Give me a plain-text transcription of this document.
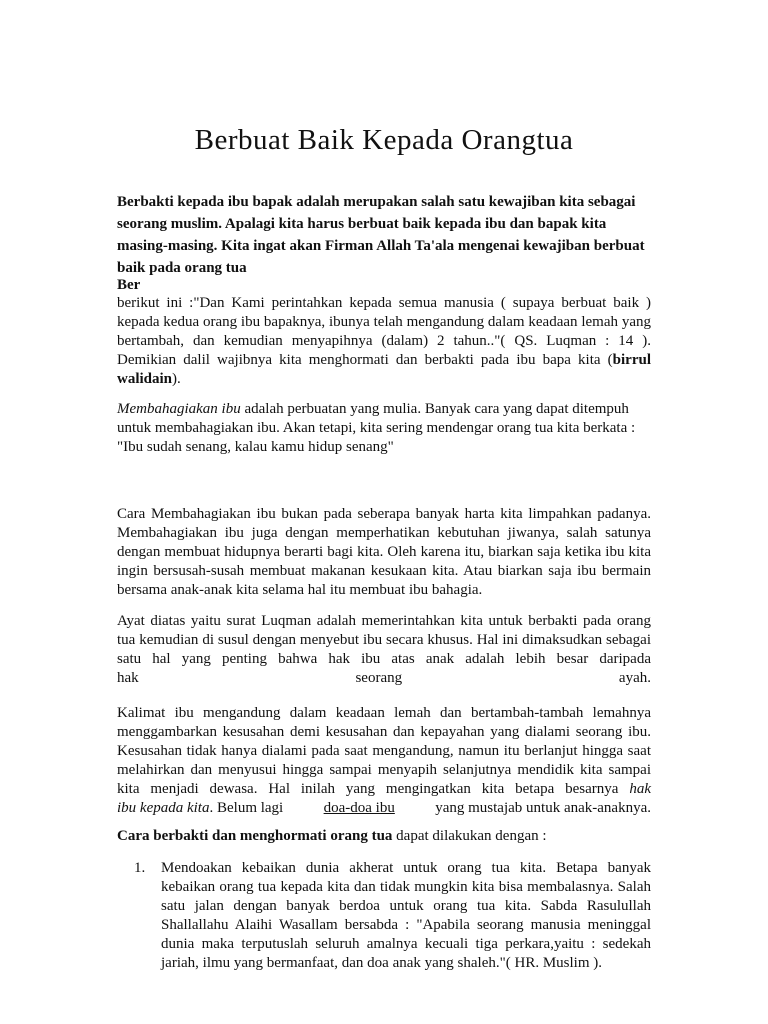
Berbuat Baik Kepada Orangtua

Berbakti kepada ibu bapak adalah merupakan salah satu kewajiban kita sebagai seorang muslim. Apalagi kita harus berbuat baik kepada ibu dan bapak kita masing-masing. Kita ingat akan Firman Allah Ta'ala mengenai kewajiban berbuat baik pada orang tua

Ber

berikut ini :"Dan Kami perintahkan kepada semua manusia ( supaya berbuat baik ) kepada kedua orang ibu bapaknya, ibunya telah mengandung dalam keadaan lemah yang bertambah, dan kemudian menyapihnya (dalam) 2 tahun.."( QS. Luqman : 14 ). Demikian dalil wajibnya kita menghormati dan berbakti pada ibu bapa kita (birrul walidain).

Membahagiakan ibu adalah perbuatan yang mulia. Banyak cara yang dapat ditempuh untuk membahagiakan ibu. Akan tetapi, kita sering mendengar orang tua kita berkata : "Ibu sudah senang, kalau kamu hidup senang"

Cara Membahagiakan ibu bukan pada seberapa banyak harta kita limpahkan padanya. Membahagiakan ibu juga dengan memperhatikan kebutuhan jiwanya, salah satunya dengan membuat hidupnya berarti bagi kita. Oleh karena itu, biarkan saja ketika ibu kita ingin bersusah-susah membuat makanan kesukaan kita. Atau biarkan saja ibu bermain bersama anak-anak kita selama hal itu membuat ibu bahagia.

Ayat diatas yaitu surat Luqman adalah memerintahkan kita untuk berbakti pada orang tua kemudian di susul dengan menyebut ibu secara khusus. Hal ini dimaksudkan sebagai satu hal yang penting bahwa hak ibu atas anak adalah lebih besar daripada

hak	seorang	ayah.

Kalimat ibu mengandung dalam keadaan lemah dan bertambah-tambah lemahnya menggambarkan kesusahan demi kesusahan dan kepayahan yang dialami seorang ibu. Kesusahan tidak hanya dialami pada saat mengandung, namun itu berlanjut hingga saat melahirkan dan menyusui hingga sampai menyapih selanjutnya mendidik kita sampai kita menjadi dewasa. Hal inilah yang mengingatkan kita betapa besarnya hak

ibu kepada kita. Belum lagi	doa-doa ibu	yang mustajab untuk anak-anaknya.

Cara berbakti dan menghormati orang tua dapat dilakukan dengan :

1. Mendoakan kebaikan dunia akherat untuk orang tua kita. Betapa banyak kebaikan orang tua kepada kita dan tidak mungkin kita bisa membalasnya. Salah satu jalan dengan banyak berdoa untuk orang tua kita. Sabda Rasulullah Shallallahu Alaihi Wasallam bersabda : "Apabila seorang manusia meninggal dunia maka terputuslah seluruh amalnya kecuali tiga perkara,yaitu : sedekah jariah, ilmu yang bermanfaat, dan doa anak yang shaleh."( HR. Muslim ).
